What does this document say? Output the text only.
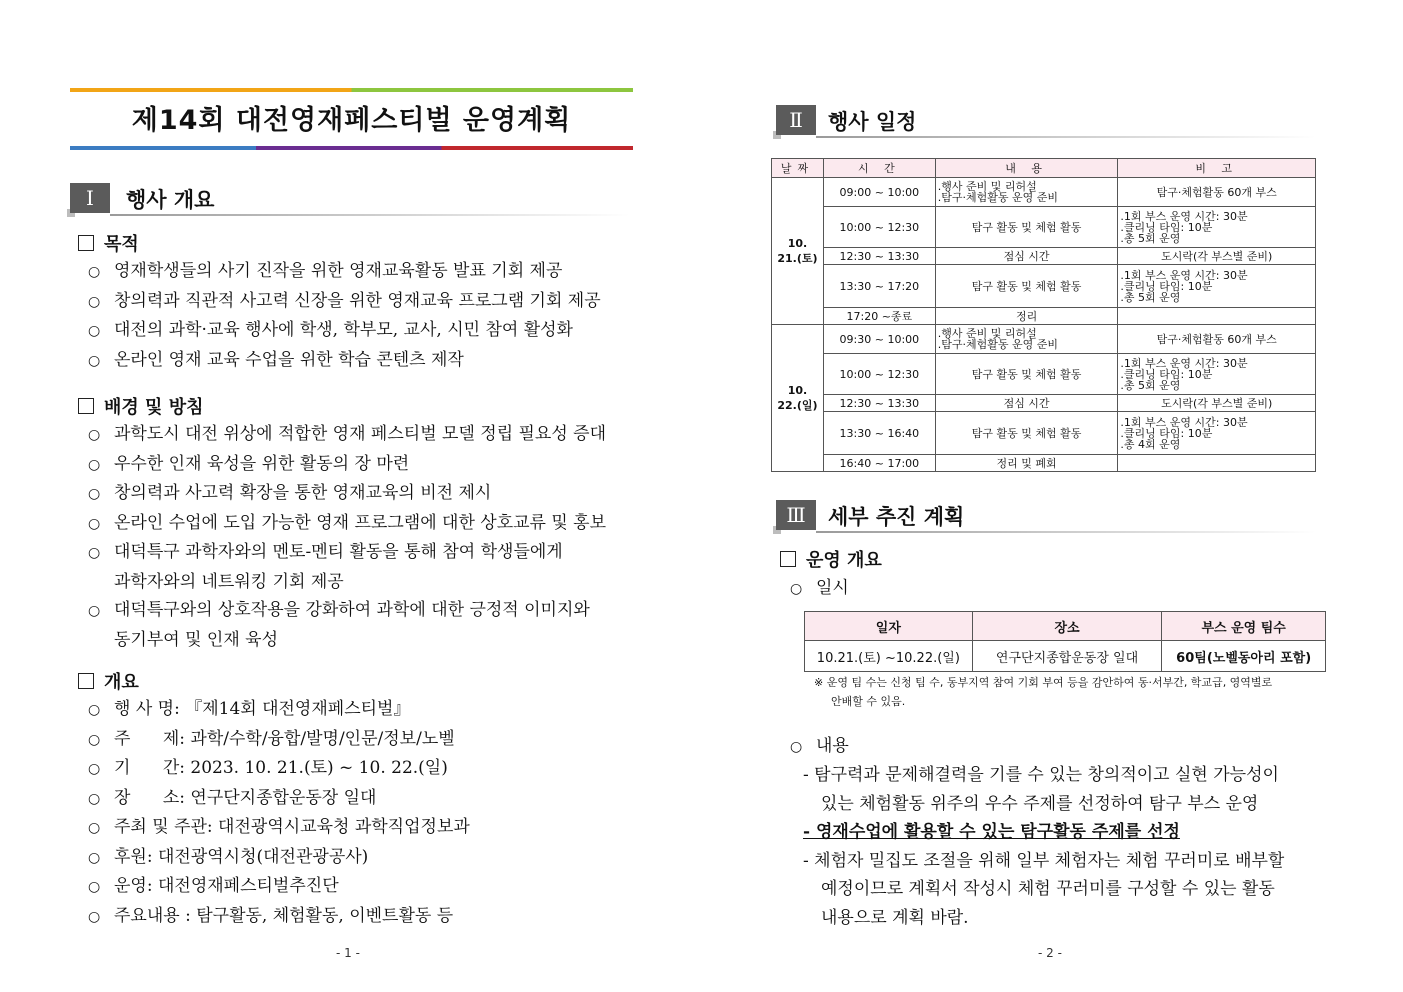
제14회 대전영재페스티벌 운영계획
Ⅰ	행사 개요
목적
○ 영재학생들의 사기 진작을 위한 영재교육활동 발표 기회 제공
○ 창의력과 직관적 사고력 신장을 위한 영재교육 프로그램 기회 제공
○ 대전의 과학·교육 행사에 학생, 학부모, 교사, 시민 참여 활성화
○ 온라인 영재 교육 수업을 위한 학습 콘텐츠 제작
배경 및 방침
○ 과학도시 대전 위상에 적합한 영재 페스티벌 모델 정립 필요성 증대
○ 우수한 인재 육성을 위한 활동의 장 마련
○ 창의력과 사고력 확장을 통한 영재교육의 비전 제시
○ 온라인 수업에 도입 가능한 영재 프로그램에 대한 상호교류 및 홍보
○ 대덕특구 과학자와의 멘토-멘티 활동을 통해 참여 학생들에게
과학자와의 네트워킹 기회 제공
○ 대덕특구와의 상호작용을 강화하여 과학에 대한 긍정적 이미지와
동기부여 및 인재 육성
개요
○ 행 사 명: 『제14회 대전영재페스티벌』
○ 주      제: 과학/수학/융합/발명/인문/정보/노벨
○ 기      간: 2023. 10. 21.(토) ~ 10. 22.(일)
○ 장      소: 연구단지종합운동장 일대
○ 주최 및 주관: 대전광역시교육청 과학직업정보과
○ 후원: 대전광역시청(대전관광공사)
○ 운영: 대전영재페스티벌추진단
○ 주요내용 : 탐구활동, 체험활동, 이벤트활동 등
- 1 -
Ⅱ	행사 일정
날짜	시 간	내 용	비 고
10.
21.(토)	09:00 ~ 10:00	.행사 준비 및 리허설
.탐구·체험활동 운영 준비	탐구·체험활동 60개 부스
	10:00 ~ 12:30	탐구 활동 및 체험 활동	.1회 부스 운영 시간: 30분
.클리닝 타임: 10분
.총 5회 운영
	12:30 ~ 13:30	점심 시간	도시락(각 부스별 준비)
	13:30 ~ 17:20	탐구 활동 및 체험 활동	.1회 부스 운영 시간: 30분
.클리닝 타임: 10분
.총 5회 운영
	17:20 ~종료	정리	
10.
22.(일)	09:30 ~ 10:00	.행사 준비 및 리허설
.탐구·체험활동 운영 준비	탐구·체험활동 60개 부스
	10:00 ~ 12:30	탐구 활동 및 체험 활동	.1회 부스 운영 시간: 30분
.클리닝 타임: 10분
.총 5회 운영
	12:30 ~ 13:30	점심 시간	도시락(각 부스별 준비)
	13:30 ~ 16:40	탐구 활동 및 체험 활동	.1회 부스 운영 시간: 30분
.클리닝 타임: 10분
.총 4회 운영
	16:40 ~ 17:00	정리 및 폐회	
Ⅲ	세부 추진 계획
운영 개요
○ 일시
일자	장소	부스 운영 팀수
10.21.(토) ~10.22.(일)	연구단지종합운동장 일대	60팀(노벨동아리 포함)
※ 운영 팀 수는 신청 팀 수, 동부지역 참여 기회 부여 등을 감안하여 동·서부간, 학교급, 영역별로
안배할 수 있음.
○ 내용
- 탐구력과 문제해결력을 기를 수 있는 창의적이고 실현 가능성이
있는 체험활동 위주의 우수 주제를 선정하여 탐구 부스 운영
- 영재수업에 활용할 수 있는 탐구활동 주제를 선정
- 체험자 밀집도 조절을 위해 일부 체험자는 체험 꾸러미로 배부할
예정이므로 계획서 작성시 체험 꾸러미를 구성할 수 있는 활동
내용으로 계획 바람.
- 2 -
